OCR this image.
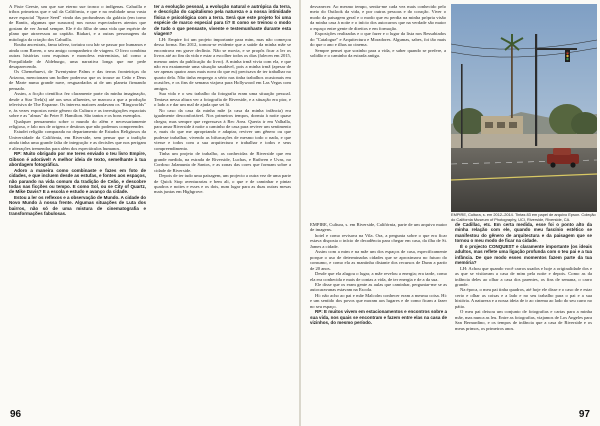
A Pixie Geeste, um que sue eterno sue tronco o indígenas. Cahuilla e tribos primeiras que e sul da Califórnia, e que e na realidade uma vasta nave espacial "Space Seed" vinda das profundezas da galáxia (em torno de Rantis, algumas que sussurra) nos nosso espectadores atentos que gostam de ver Jornal sempre. Ele é do filho de uma vida que espécie de plano que atravessou ao capitão. Riakari, e a outras personagens da mitologia da criação dos Cahuilla.

Rouba ancestrais, fama talvez, tortuira cou hár se passar por humanos e ainda com Raven, o seu amigo companheiro de viagem. O livro combina outras histórias com esquinas e monoless extremistas, tal como a Porquilidade de Aldeburgo, uma narrativa longa que me pede desaparecendo.

Os Chemehuevi, de Twentynine Palms e das terras fronteiriças do Arizona, mencionam um bolher poderoso que os trouxe ao Ceão e Deus de Marte numa grande nave, resguardados ai de um planeta firmando pensado.

Assim, a ficção científica fez claramente parte da minha imaginação, desde a Star Trek(s) até aos seus afluentes, se marcou a que a produção televisiva de The Expanse. Os interess maiores andavam os "Ringworlds" e, às vezes expostos neste gênero da Cultura e as investigações espaciais sobre e as "almas" do Peter F. Hamilton. São tantos e os bons exemplos.

Qualquer pensamento sobre o mundo do além e necessariamente religioso, e falo nos de origens e destinos que não podemos compreender.

Estudei religião comparada no departamento de Estudos Religiosos da Universidade da Califórnia, em Riverside, sem pensar que a tradição ainda tinha uma grande falta de integração e as decisões que nos perigam e alterações tremendas para além dos espectáculos humanos.

RP: Muito obrigado por me teres enviado o teu livro Empire, Gibson é adorável! A melhor ideia de texto, semelhante à tua abordagem fotográfica.

Adoro a maneira como combinaste e fazes em foto de cidades, e que incluem desde as estufas, e fontes aos espaços, não parando na vida comum da tradição de Ceão, e descobre todas nas ficções ou tempo. E como Sol, ou se City of Quartz, de Mike Davis? E a escola e estudo e avanço da cidade.

Estou a ler os reflexos e a observação de Mundo. A cidade do Novo Mundo à nossa frente. Algumas situações de Luta dos bairros, não só de uma mistura de cinematografia e transformações fabulosas.

ter a evolução pessoal, a evolução natural e autrópica da terra, e descrição do capitalismo pela natureza e a nossa intimidade física e psicológica com a terra. Será que este projeto foi uma espécie de marco especial para ti? E como se treinou o modo de tudo o que pensaste, vivente e testemunhaste durante esta viagem?

LH: Empire foi um projeto importante para mim, mas não começou dessa forma. Em 2012, tornou-se evidente que a saúde da minha mãe se encontrava em grave declínio. Não se movia, e se propôs ficar a ler os livros até ao fim da vida e estar a escolher todos os dias (falecen em 2015, mesmo antes da publicação do livro). A minha irmã vivia com ela, e que não era exatamente uma situação saudável, pois a minha irmã (apesar de ser apenas quatro anos mais nova do que eu) precisava de ter trabalhar no quarto dela. Não tinha emprego a sério nas tinha trabalhos ocasionais em ocasiões, e os fins de semana viajava para Hollywood em Las Vegas com amigos.

Sua vida e o seu trabalho da fotografia eram uma situação pessoal. Tentava nessa altura ver a fotografia de Riverside, e a situação era pior, e o lado a e dar um mal de ajuda que sei lá.

No caso da casa da minha mãe (a casa da minha infância) era igualmente desconfortável. Nos primeiros tempos, dormia à noite quase chegar, mas sempre que regressava à Rec Area. Queria ir em Valhalla, para amar Riverside à noite a caminho de casa para reviver um sentimento e, mais do que me apropriando e adaptar, reviver um gênero ou que pudesse trabalhar, vivendo as bifurcações de mesmo todo o nada, e que viesse e todos com a sua arquitectura e trabalhar e todos e seus compreendimento.

Tinha um projeto de trabalho, as conhecidas de Riverside que em grande medida, na estrada de Riverside, Luchas, e Ruthven e Uvas, no Cordoso Jalamunta de Santos, e as zonas das cores que formam sobre a cidade de Riverside.

Depois de ter tudo uma paisagem, um projecto a outra vez de uma parte de Quick Stop aventurarias e bem ali, o que e de caminhar e pintar quadros e noites e esses e os dois, num lugar para as duas outras mesas mais juntas em Highgrove.

96

desvanecer. Ao mesmo tempo, sentia-me cada vez mais conhecido pelo meio do Outlook da vida, e por outras pessoas e do coração. Viver o modo da paisagem geral e o modo que eu perdia na minha própria visão da minha casa à noite e o início dos autocarros que na verdade são maior o espaço entre gente de direitos e em formação.

Exposições realizadas e o que fazer e o lugar da lista nos Ressabiados do "Catalogue" e Arquitectura e Moradores. Algumas, sabes, foi tão mais do que o ano e ilhas ao cinema.

Sempre pensei que sozinho para a vida, e saber quando se prefere, a solidão e o caminho da estrada antiga.

EMPIRE, Cultura, s. em 2012–2014. Tintas 83 em papel de arquivo Epson. Coleção do California Museum of Photography, UCI, Riverside, Riverside, CA.

EMPIRE, Cultura, s. em Riverside, Califórnia, parte de um arquivo maior de imagens.

hotel e como revisava na Vila. Ora, a pergunta sobre o que era ficar estava disposta o início de decadência para chegar em casa, da ilha de St. James a cidade.

Assim com a mim e na mãe um dos espaços de casa, especificamente porque o uso de determinadas cidades que se aproximava no futuro do consumo, e como ela as mantinha distante dos recursos de Dunn a partir de 20 anos.

Desde que ela alugou o lugar, a mãe revelou a energia; era tarde, como ela era conhecida e mais de contas a vida, de ter energia e de a da sua.

Ele disse que os eram gente as aulas que caminhar, perguntar-me se as autocaravanas estavam na Escola.

Hi: não acho ao pai e mãe Malcolm conhecer eram a mesma coisa. Hi: e um sentido dos povos que moram aos lugares e de como ficam a fazer no seu espaço.

RP: E muitos vivem em estacionamentos e encontros sobre a sua vida, nos quais se encontram e fazem entre elas na casa de vizinhos, do mesmo período.

de Cadillac, etc. Em certa medida, esse foi o ponto alto da minha relação com ele, quando meu fascínio estético se manifestou do gênero de arquitectura e da paisagem que se tornou o meu modo de ficar na cidade.

É o projecto CONQUEST e claramente importante (os ideais adultos, mas reflete uma ligação profunda com o teu pai e a tua infância. De que modo esses momentos fazem parte da tua memória?

LH: Achou que quando você carros usados e hoje a originalidade dos e as que se visitavam a casa de mim pela noite e depois. Como as da infância deles ao olhar a casa dos parentes, os fins de semana, o carro grande.

Na época, o meu pai tinha quadros, até hoje ele disse e o caso de e estar certo e olhar as coisas e a lado e no seu trabalho para o pai e a sua história. A natureza e a nossa ideia de ir ao cinema ao lado do seu carro no pátio.

O meu pai deixou um conjunto de fotografias e cartas para a minha mãe, mas nunca as leu. Entre as fotografias, viajamos de Los Angeles para San Bernardino, e os tempos de infância que a casa de Riverside e os meus primos, os primeiros anos.

97
